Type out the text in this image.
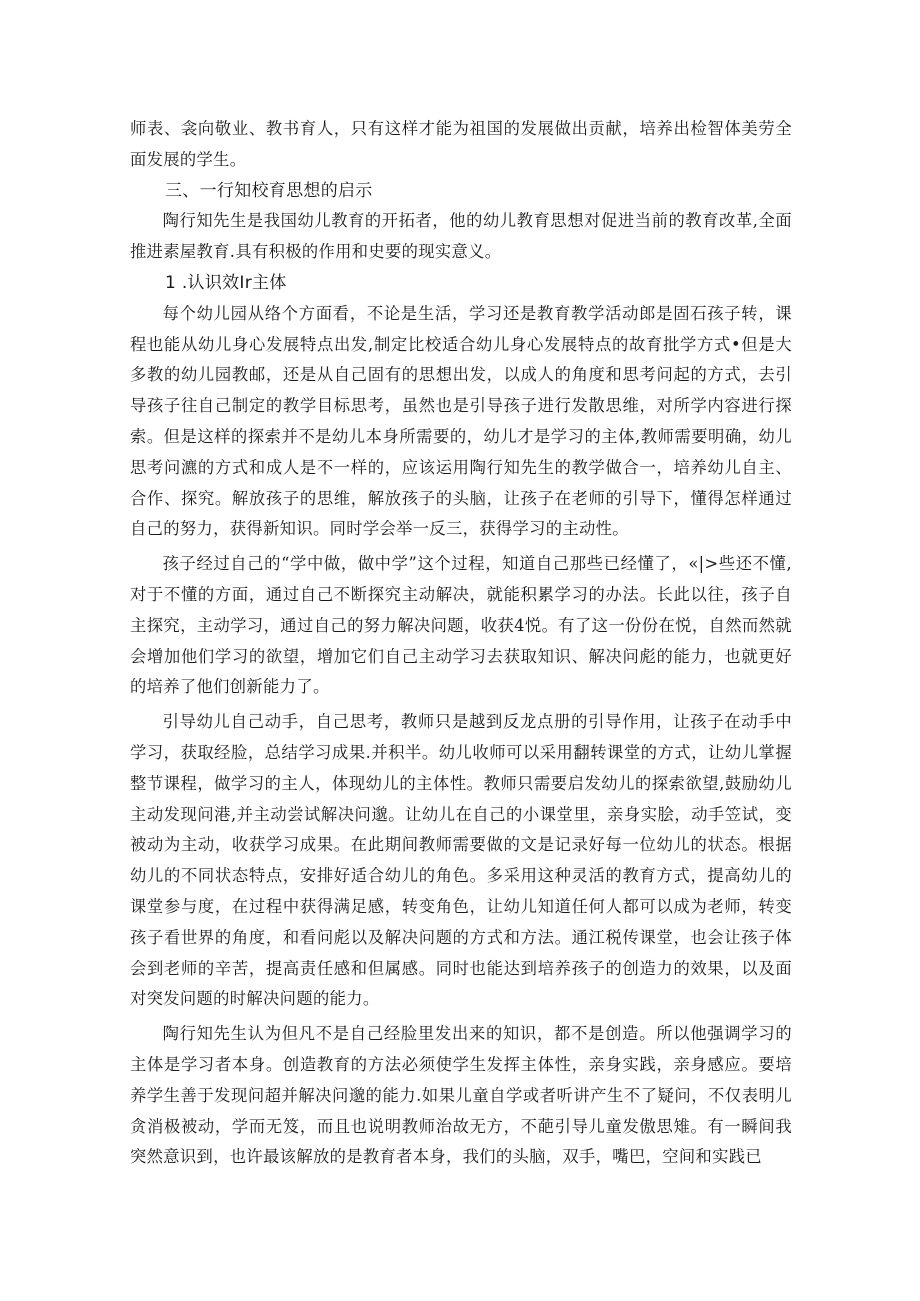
师表、衾向敬业、教书育人，只有这样才能为祖国的发展做出贡献，培养出检智体美劳全面发展的学生。

三、一行知校育思想的启示

陶行知先生是我国幼儿教育的开拓者，他的幼儿教育思想对促进当前的教育改革,全面推进素屋教育.具有积极的作用和史要的现实意义。

1 .认识效Ir主体

每个幼儿园从络个方面看，不论是生活，学习还是教育教学活动郎是固石孩子转，课程也能从幼儿身心发展特点出发,制定比校适合幼儿身心发展特点的故育批学方式•但是大多教的幼儿园教邮，还是从自己固有的思想出发，以成人的角度和思考问起的方式，去引导孩子往自己制定的教学目标思考，虽然也是引导孩子进行发散思维，对所学内容进行探索。但是这样的探索并不是幼儿本身所需要的，幼儿才是学习的主体,教师需要明确，幼儿思考问瀌的方式和成人是不一样的，应该运用陶行知先生的教学做合一，培养幼儿自主、合作、探究。解放孩子的思维，解放孩子的头脑，让孩子在老师的引导下，懂得怎样通过自己的努力，获得新知识。同时学会举一反三，获得学习的主动性。

孩子经过自己的“学中做，做中学”这个过程，知道自己那些已经懂了，«|>些还不懂,对于不懂的方面，通过自己不断探究主动解决，就能积累学习的办法。长此以往，孩子自主探究，主动学习，通过自己的努力解决问题，收获4悦。有了这一份份在悦，自然而然就会增加他们学习的欲望，增加它们自己主动学习去获取知识、解决问彪的能力，也就更好的培养了他们创新能力了。

引导幼儿自己动手，自己思考，教师只是越到反龙点册的引导作用，让孩子在动手中学习，获取经脸，总结学习成果.并积半。幼儿收师可以采用翻转课堂的方式，让幼儿掌握整节课程，做学习的主人，体现幼儿的主体性。教师只需要启发幼儿的探索欲望,鼓励幼儿主动发现问港,并主动尝试解决问邈。让幼儿在自己的小课堂里，亲身实脍，动手笠试，变被动为主动，收获学习成果。在此期间教师需要做的文是记录好每一位幼儿的状态。根据幼儿的不同状态特点，安排好适合幼儿的角色。多采用这种灵活的教育方式，提高幼儿的课堂参与度，在过程中获得满足感，转变角色，让幼儿知道任何人都可以成为老师，转变孩子看世界的角度，和看问彪以及解决问题的方式和方法。通江税传课堂，也会让孩子体会到老师的辛苦，提高责任感和但属感。同时也能达到培养孩子的创造力的效果，以及面对突发问题的时解决问题的能力。

陶行知先生认为但凡不是自己经脸里发出来的知识，都不是创造。所以他强调学习的主体是学习者本身。创造教育的方法必须使学生发挥主体性，亲身实践，亲身感应。要培养学生善于发现问超并解决问邈的能力.如果儿童自学或者听讲产生不了疑问，不仅表明儿贪消极被动，学而无笈，而且也说明教师治故无方，不葩引导儿童发傲思雉。有一瞬间我突然意识到，也许最该解放的是教育者本身，我们的头脑，双手，嘴巴，空间和实践已
